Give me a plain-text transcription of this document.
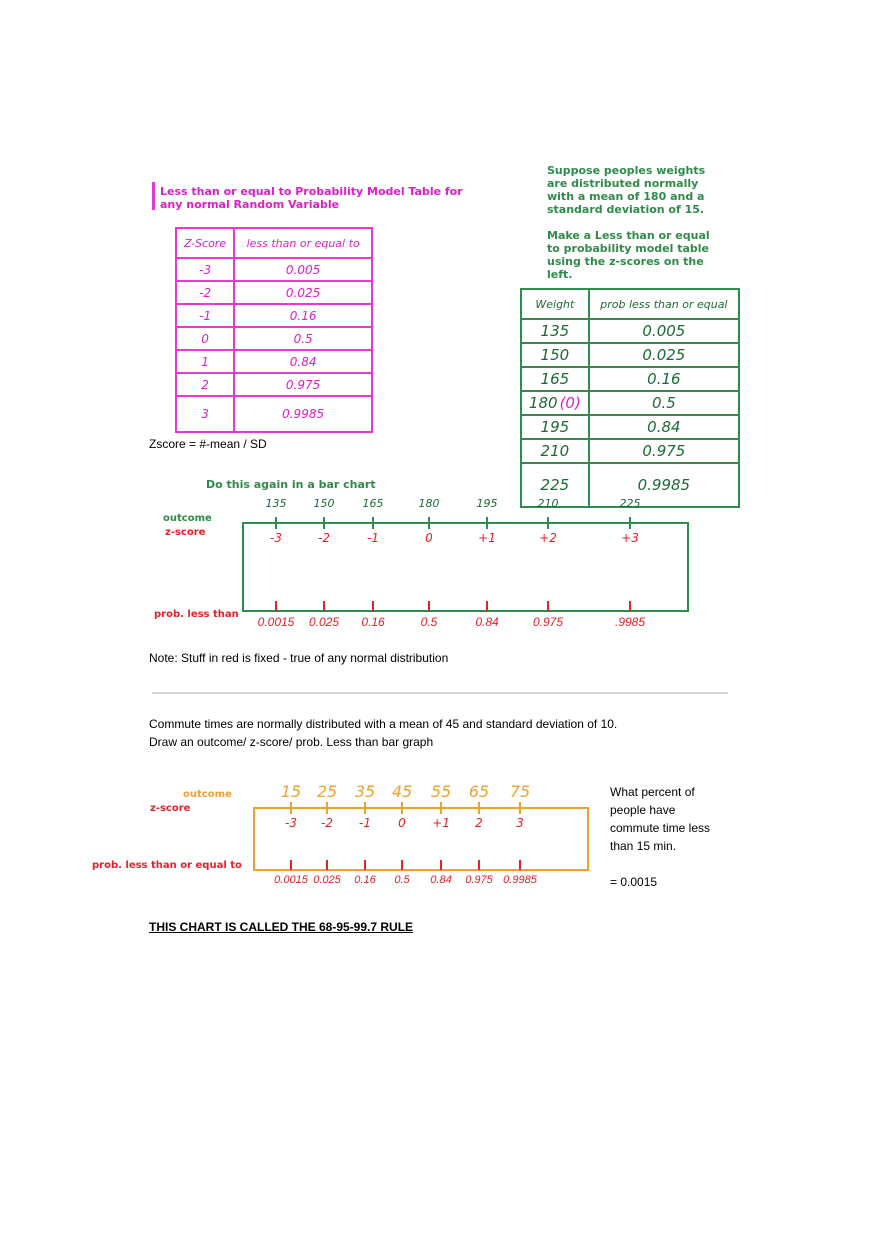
Less than or equal to Probability Model Table for
any normal Random Variable
Z-Score	less than or equal to
-3	0.005
-2	0.025
-1	0.16
0	0.5
1	0.84
2	0.975
3	0.9985
Suppose peoples weights
are distributed normally
with a mean of 180 and a
standard deviation of 15.
Make a Less than or equal
to probability model table
using the z-scores on the
left.
Weight	prob less than or equal
135	0.005
150	0.025
165	0.16
180 (0)	0.5
195	0.84
210	0.975
225	0.9985
Zscore = #-mean / SD
Do this again in a bar chart
outcome
z-score
prob. less than
135
-3
0.0015
150
-2
0.025
165
-1
0.16
180
0
0.5
195
+1
0.84
210
+2
0.975
225
+3
.9985
Note: Stuff in red is fixed - true of any normal distribution
Commute times are normally distributed with a mean of 45 and standard deviation of 10.
Draw an outcome/ z-score/ prob. Less than bar graph
outcome
z-score
prob. less than or equal to
15
-3
0.0015
25
-2
0.025
35
-1
0.16
45
0
0.5
55
+1
0.84
65
2
0.975
75
3
0.9985
What percent of
people have
commute time less
than 15 min.
= 0.0015
THIS CHART IS CALLED THE 68-95-99.7 RULE
